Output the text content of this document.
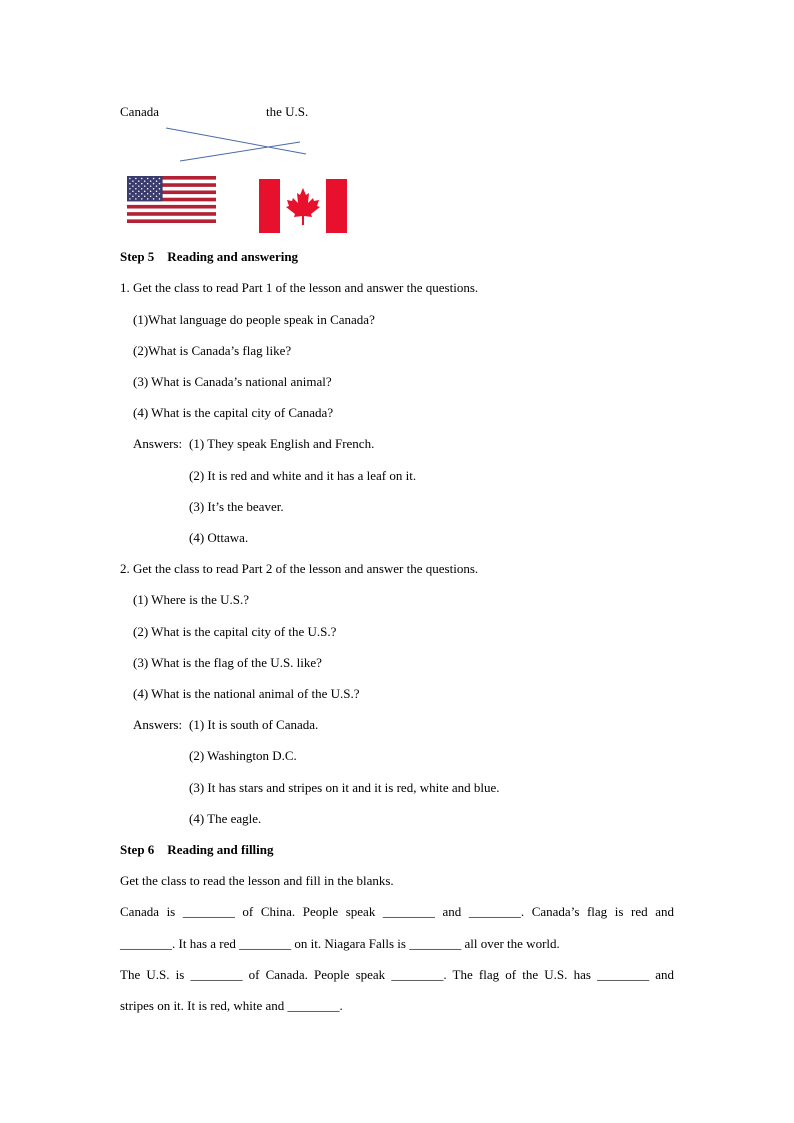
Canada	the U.S.
Step 5    Reading and answering
1. Get the class to read Part 1 of the lesson and answer the questions.
(1)What language do people speak in Canada?
(2)What is Canada’s flag like?
(3) What is Canada’s national animal?
(4) What is the capital city of Canada?
Answers: (1) They speak English and French.
(2) It is red and white and it has a leaf on it.
(3) It’s the beaver.
(4) Ottawa.
2. Get the class to read Part 2 of the lesson and answer the questions.
(1) Where is the U.S.?
(2) What is the capital city of the U.S.?
(3) What is the flag of the U.S. like?
(4) What is the national animal of the U.S.?
Answers: (1) It is south of Canada.
(2) Washington D.C.
(3) It has stars and stripes on it and it is red, white and blue.
(4) The eagle.
Step 6    Reading and filling
Get the class to read the lesson and fill in the blanks.
Canada is ________ of China. People speak ________ and ________. Canada’s flag is red and
________. It has a red ________ on it. Niagara Falls is ________ all over the world.
The U.S. is ________ of Canada. People speak ________. The flag of the U.S. has ________ and
stripes on it. It is red, white and ________.
